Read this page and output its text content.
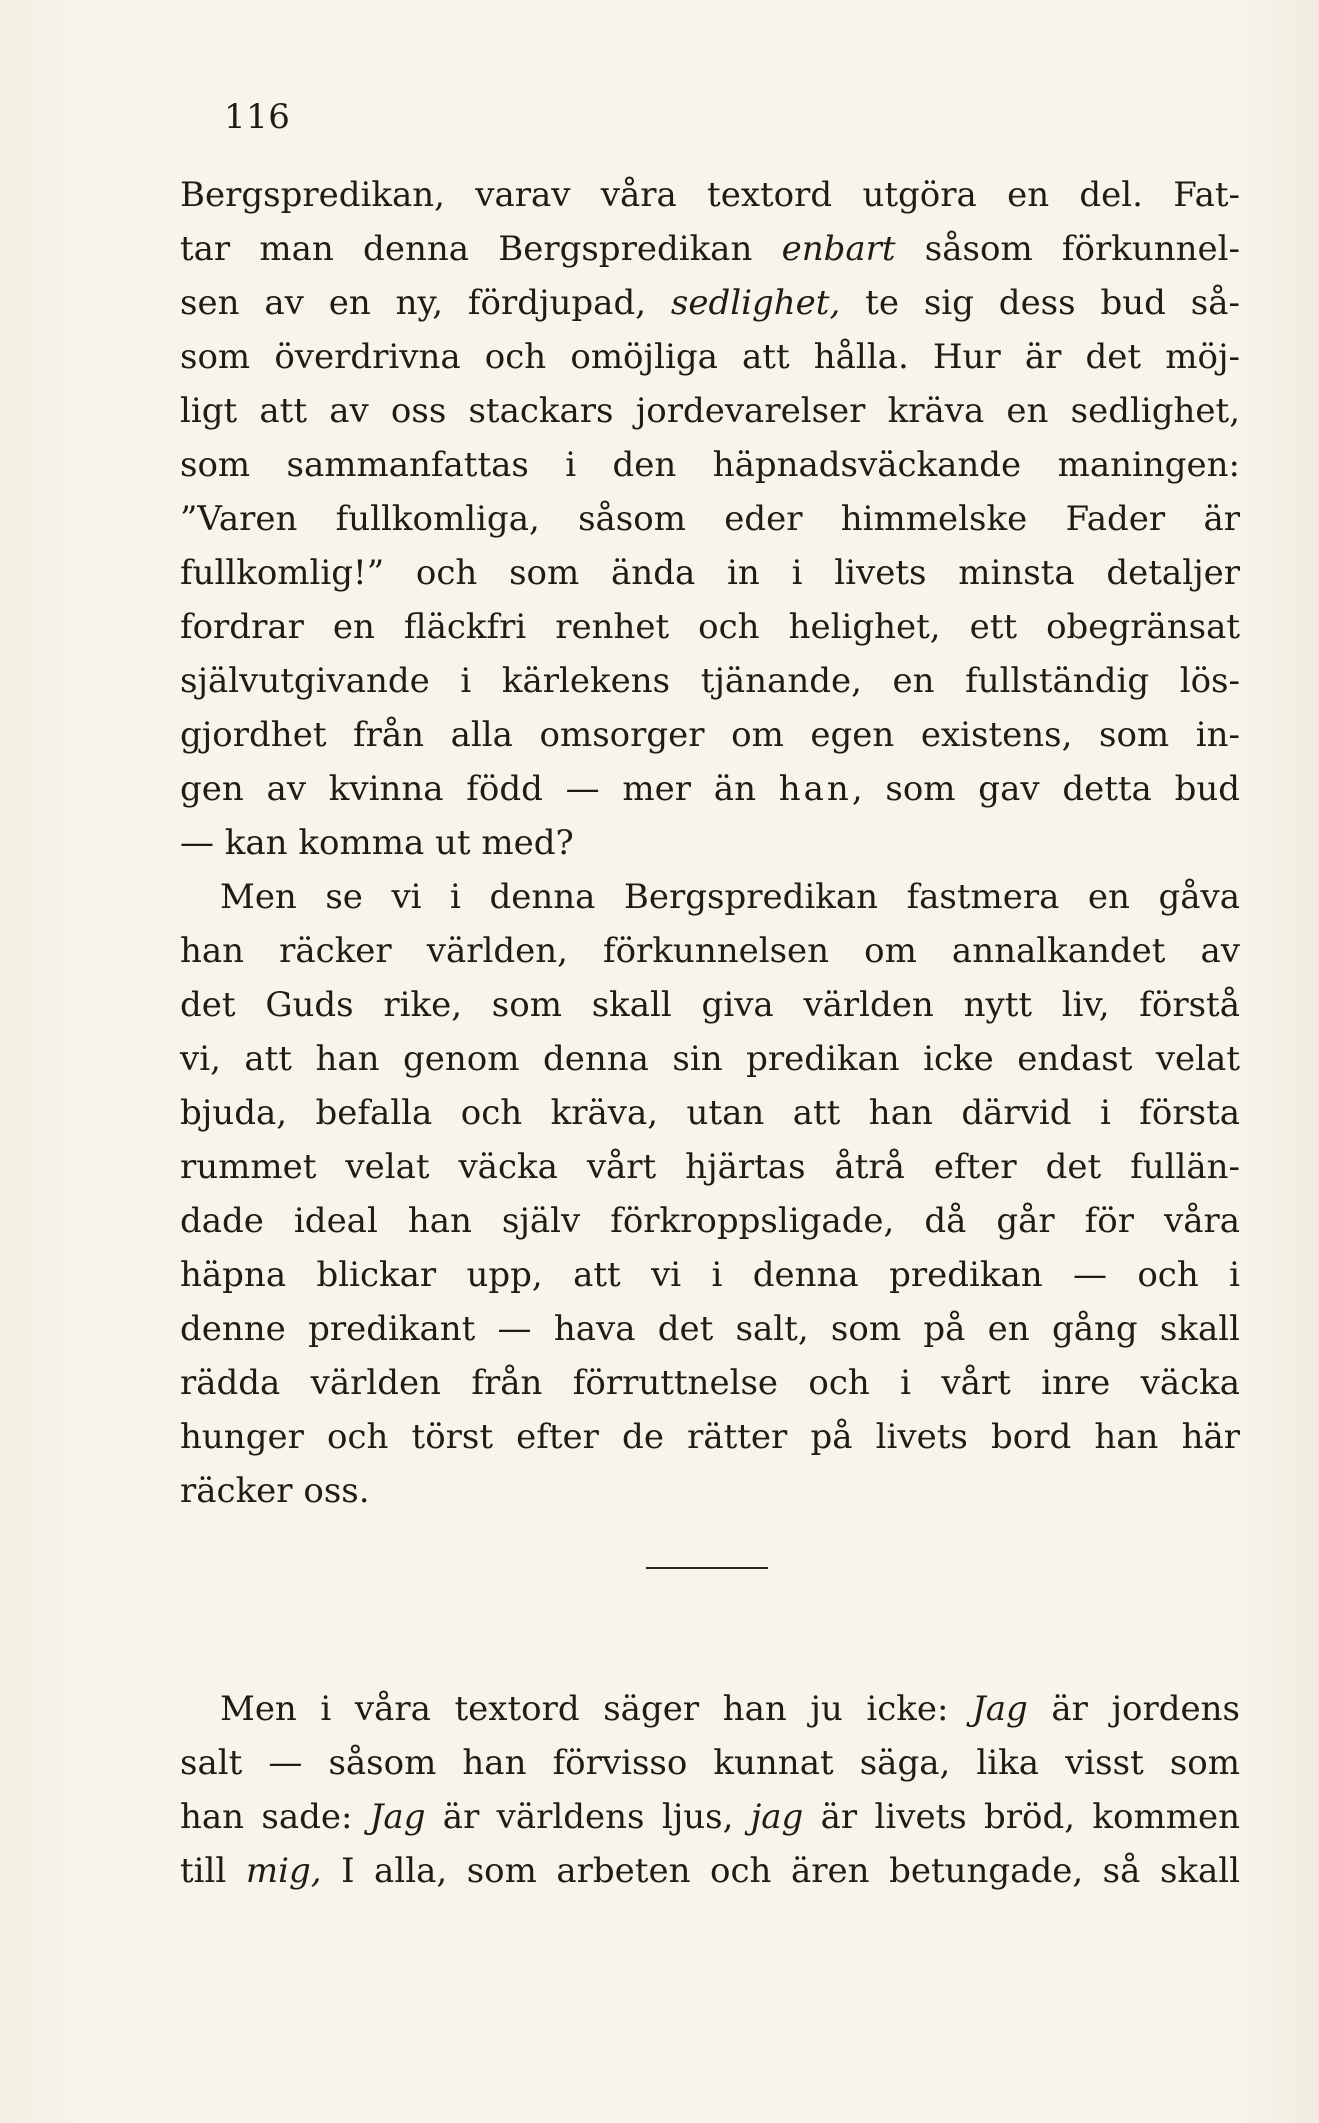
116
Bergspredikan, varav våra textord utgöra en del. Fat-
tar man denna Bergspredikan enbart såsom förkunnel-
sen av en ny, fördjupad, sedlighet, te sig dess bud så-
som överdrivna och omöjliga att hålla. Hur är det möj-
ligt att av oss stackars jordevarelser kräva en sedlighet,
som sammanfattas i den häpnadsväckande maningen:
”Varen fullkomliga, såsom eder himmelske Fader är
fullkomlig!” och som ända in i livets minsta detaljer
fordrar en fläckfri renhet och helighet, ett obegränsat
självutgivande i kärlekens tjänande, en fullständig lös-
gjordhet från alla omsorger om egen existens, som in-
gen av kvinna född — mer än han, som gav detta bud
— kan komma ut med?
Men se vi i denna Bergspredikan fastmera en gåva
han räcker världen, förkunnelsen om annalkandet av
det Guds rike, som skall giva världen nytt liv, förstå
vi, att han genom denna sin predikan icke endast velat
bjuda, befalla och kräva, utan att han därvid i första
rummet velat väcka vårt hjärtas åtrå efter det fullän-
dade ideal han själv förkroppsligade, då går för våra
häpna blickar upp, att vi i denna predikan — och i
denne predikant — hava det salt, som på en gång skall
rädda världen från förruttnelse och i vårt inre väcka
hunger och törst efter de rätter på livets bord han här
räcker oss.
Men i våra textord säger han ju icke: Jag är jordens
salt — såsom han förvisso kunnat säga, lika visst som
han sade: Jag är världens ljus, jag är livets bröd, kommen
till mig, I alla, som arbeten och ären betungade, så skall
